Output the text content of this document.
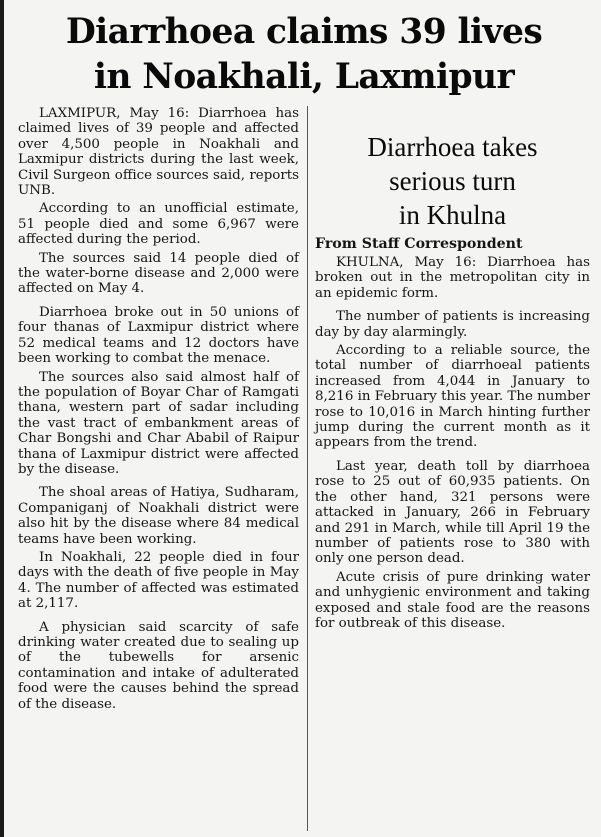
Diarrhoea claims 39 lives
in Noakhali, Laxmipur

LAXMIPUR, May 16: Diarrhoea has claimed lives of 39 people and affected over 4,500 people in Noakhali and Laxmipur districts during the last week, Civil Surgeon office sources said, reports UNB.

According to an unofficial estimate, 51 people died and some 6,967 were affected during the period.

The sources said 14 people died of the water-borne disease and 2,000 were affected on May 4.

Diarrhoea broke out in 50 unions of four thanas of Laxmipur district where 52 medical teams and 12 doctors have been working to combat the menace.

The sources also said almost half of the population of Boyar Char of Ramgati thana, western part of sadar including the vast tract of embankment areas of Char Bongshi and Char Ababil of Raipur thana of Laxmipur district were affected by the disease.

The shoal areas of Hatiya, Sudharam, Companiganj of Noakhali district were also hit by the disease where 84 medical teams have been working.

In Noakhali, 22 people died in four days with the death of five people in May 4. The number of affected was estimated at 2,117.

A physician said scarcity of safe drinking water created due to sealing up of the tubewells for arsenic contamination and intake of adulterated food were the causes behind the spread of the disease.

Diarrhoea takes
serious turn
in Khulna
From Staff Correspondent

KHULNA, May 16: Diarrhoea has broken out in the metropolitan city in an epidemic form.

The number of patients is increasing day by day alarmingly.

According to a reliable source, the total number of diarrhoeal patients increased from 4,044 in January to 8,216 in February this year. The number rose to 10,016 in March hinting further jump during the current month as it appears from the trend.

Last year, death toll by diarrhoea rose to 25 out of 60,935 patients. On the other hand, 321 persons were attacked in January, 266 in February and 291 in March, while till April 19 the number of patients rose to 380 with only one person dead.

Acute crisis of pure drinking water and unhygienic environment and taking exposed and stale food are the reasons for outbreak of this disease.
